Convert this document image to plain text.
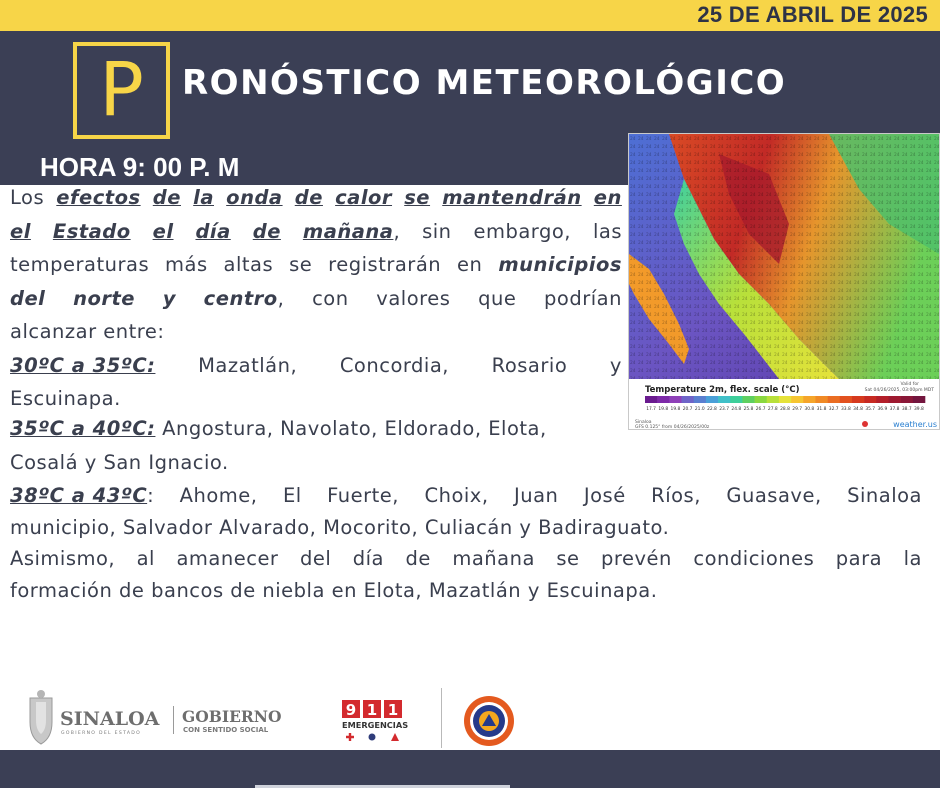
25 DE ABRIL DE 2025
P	RONÓSTICO METEOROLÓGICO
HORA 9: 00 P. M
Valid for
Sat 04/26/2025, 03:00pm MDT
Temperature 2m, flex. scale (°C)
17.7 19.8 19.8 20.7 21.0 22.8 23.7 24.8 25.8 26.7 27.8 28.8 29.7 30.8 31.8 32.7 33.8 34.8 35.7 36.9 37.8 38.7 39.8
Sinaloa
GFS 0.125° from 04/26/2025/00z	weather.us
Los efectos de la onda de calor se mantendrán en
el Estado el día de mañana, sin embargo, las
temperaturas más altas se registrarán en municipios
del norte y centro, con valores que podrían
alcanzar entre:
30ºC a 35ºC: Mazatlán, Concordia, Rosario y
Escuinapa.
35ºC a 40ºC: Angostura, Navolato, Eldorado, Elota,
Cosalá y San Ignacio.
38ºC a 43ºC: Ahome, El Fuerte, Choix, Juan José Ríos, Guasave, Sinaloa
municipio, Salvador Alvarado, Mocorito, Culiacán y Badiraguato.
Asimismo, al amanecer del día de mañana se prevén condiciones para la
formación de bancos de niebla en Elota, Mazatlán y Escuinapa.
SINALOA
GOBIERNO DEL ESTADO
GOBIERNO
CON SENTIDO SOCIAL
9 1 1
EMERGENCIAS
